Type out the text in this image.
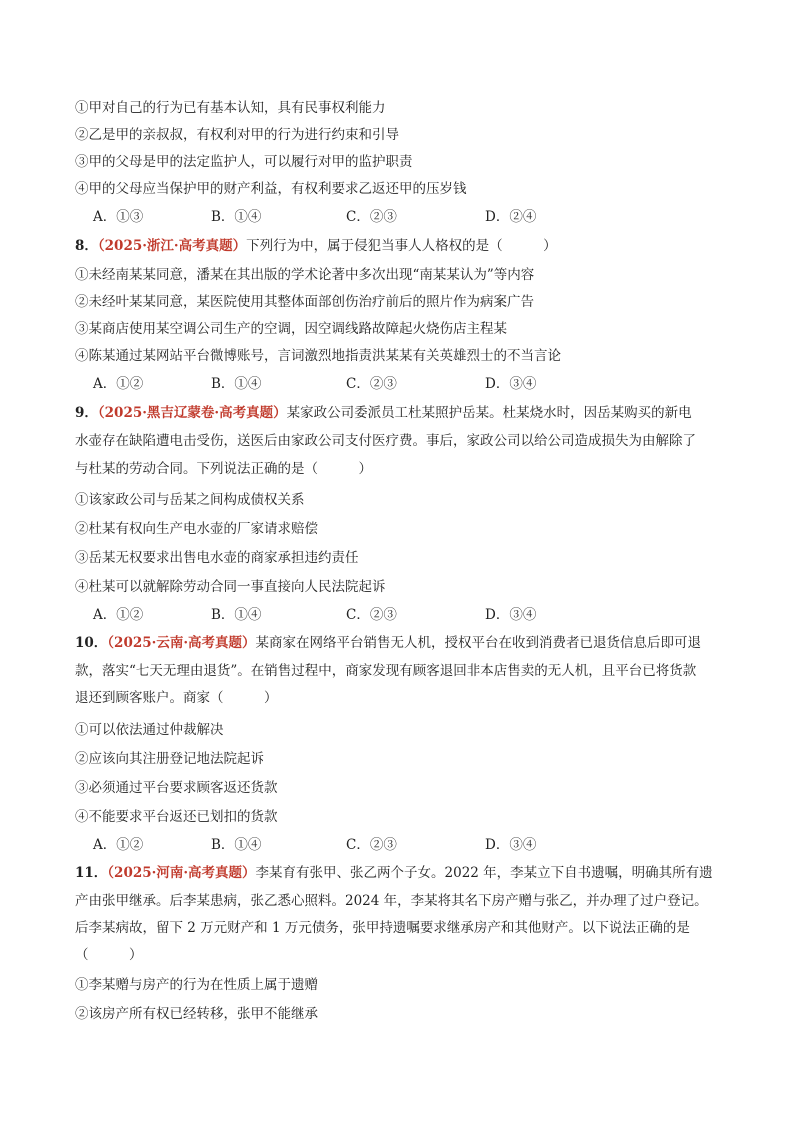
①甲对自己的行为已有基本认知，具有民事权利能力
②乙是甲的亲叔叔，有权利对甲的行为进行约束和引导
③甲的父母是甲的法定监护人，可以履行对甲的监护职责
④甲的父母应当保护甲的财产利益，有权利要求乙返还甲的压岁钱
A．①③	B．①④	C．②③	D．②④
8．（2025·浙江·高考真题）下列行为中，属于侵犯当事人人格权的是（　　　）
①未经南某某同意，潘某在其出版的学术论著中多次出现“南某某认为”等内容
②未经叶某某同意，某医院使用其整体面部创伤治疗前后的照片作为病案广告
③某商店使用某空调公司生产的空调，因空调线路故障起火烧伤店主程某
④陈某通过某网站平台微博账号，言词激烈地指责洪某某有关英雄烈士的不当言论
A．①②	B．①④	C．②③	D．③④
9．（2025·黑吉辽蒙卷·高考真题）某家政公司委派员工杜某照护岳某。杜某烧水时，因岳某购买的新电
水壶存在缺陷遭电击受伤，送医后由家政公司支付医疗费。事后，家政公司以给公司造成损失为由解除了
与杜某的劳动合同。下列说法正确的是（　　　）
①该家政公司与岳某之间构成债权关系
②杜某有权向生产电水壶的厂家请求赔偿
③岳某无权要求出售电水壶的商家承担违约责任
④杜某可以就解除劳动合同一事直接向人民法院起诉
A．①②	B．①④	C．②③	D．③④
10．（2025·云南·高考真题）某商家在网络平台销售无人机，授权平台在收到消费者已退货信息后即可退
款，落实“七天无理由退货”。在销售过程中，商家发现有顾客退回非本店售卖的无人机，且平台已将货款
退还到顾客账户。商家（　　　）
①可以依法通过仲裁解决
②应该向其注册登记地法院起诉
③必须通过平台要求顾客返还货款
④不能要求平台返还已划扣的货款
A．①②	B．①④	C．②③	D．③④
11．（2025·河南·高考真题）李某育有张甲、张乙两个子女。2022 年，李某立下自书遗嘱，明确其所有遗
产由张甲继承。后李某患病，张乙悉心照料。2024 年，李某将其名下房产赠与张乙，并办理了过户登记。
后李某病故，留下 2 万元财产和 1 万元债务，张甲持遗嘱要求继承房产和其他财产。以下说法正确的是
（　　　）
①李某赠与房产的行为在性质上属于遗赠
②该房产所有权已经转移，张甲不能继承
